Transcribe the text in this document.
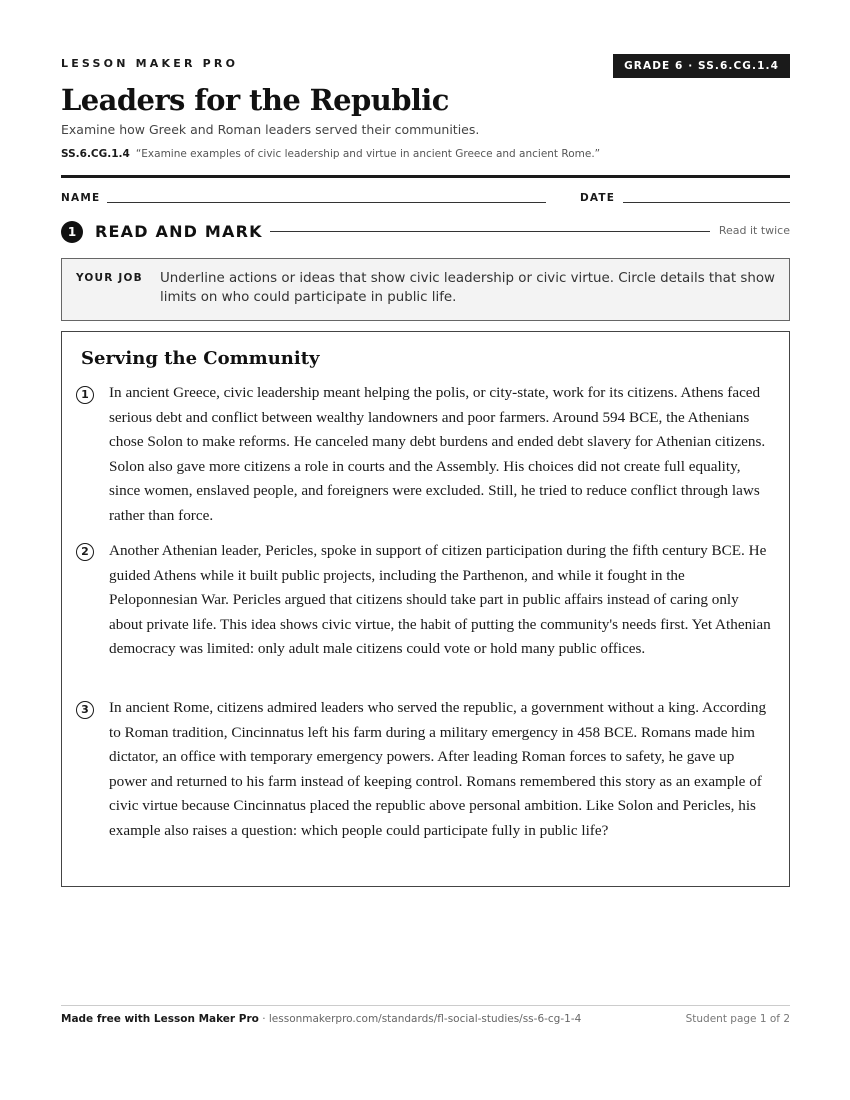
LESSON MAKER PRO	GRADE 6 · SS.6.CG.1.4
Leaders for the Republic
Examine how Greek and Roman leaders served their communities.
SS.6.CG.1.4 “Examine examples of civic leadership and virtue in ancient Greece and ancient Rome.”
NAME	DATE
1	READ AND MARK	Read it twice
YOUR JOB Underline actions or ideas that show civic leadership or civic virtue. Circle details that show limits on who could participate in public life.
Serving the Community
1	In ancient Greece, civic leadership meant helping the polis, or city-state, work for its citizens. Athens faced serious debt and conflict between wealthy landowners and poor farmers. Around 594 BCE, the Athenians chose Solon to make reforms. He canceled many debt burdens and ended debt slavery for Athenian citizens. Solon also gave more citizens a role in courts and the Assembly. His choices did not create full equality, since women, enslaved people, and foreigners were excluded. Still, he tried to reduce conflict through laws rather than force.
2	Another Athenian leader, Pericles, spoke in support of citizen participation during the fifth century BCE. He guided Athens while it built public projects, including the Parthenon, and while it fought in the Peloponnesian War. Pericles argued that citizens should take part in public affairs instead of caring only about private life. This idea shows civic virtue, the habit of putting the community's needs first. Yet Athenian democracy was limited: only adult male citizens could vote or hold many public offices.
3	In ancient Rome, citizens admired leaders who served the republic, a government without a king. According to Roman tradition, Cincinnatus left his farm during a military emergency in 458 BCE. Romans made him dictator, an office with temporary emergency powers. After leading Roman forces to safety, he gave up power and returned to his farm instead of keeping control. Romans remembered this story as an example of civic virtue because Cincinnatus placed the republic above personal ambition. Like Solon and Pericles, his example also raises a question: which people could participate fully in public life?
Made free with Lesson Maker Pro · lessonmakerpro.com/standards/fl-social-studies/ss-6-cg-1-4	Student page 1 of 2
